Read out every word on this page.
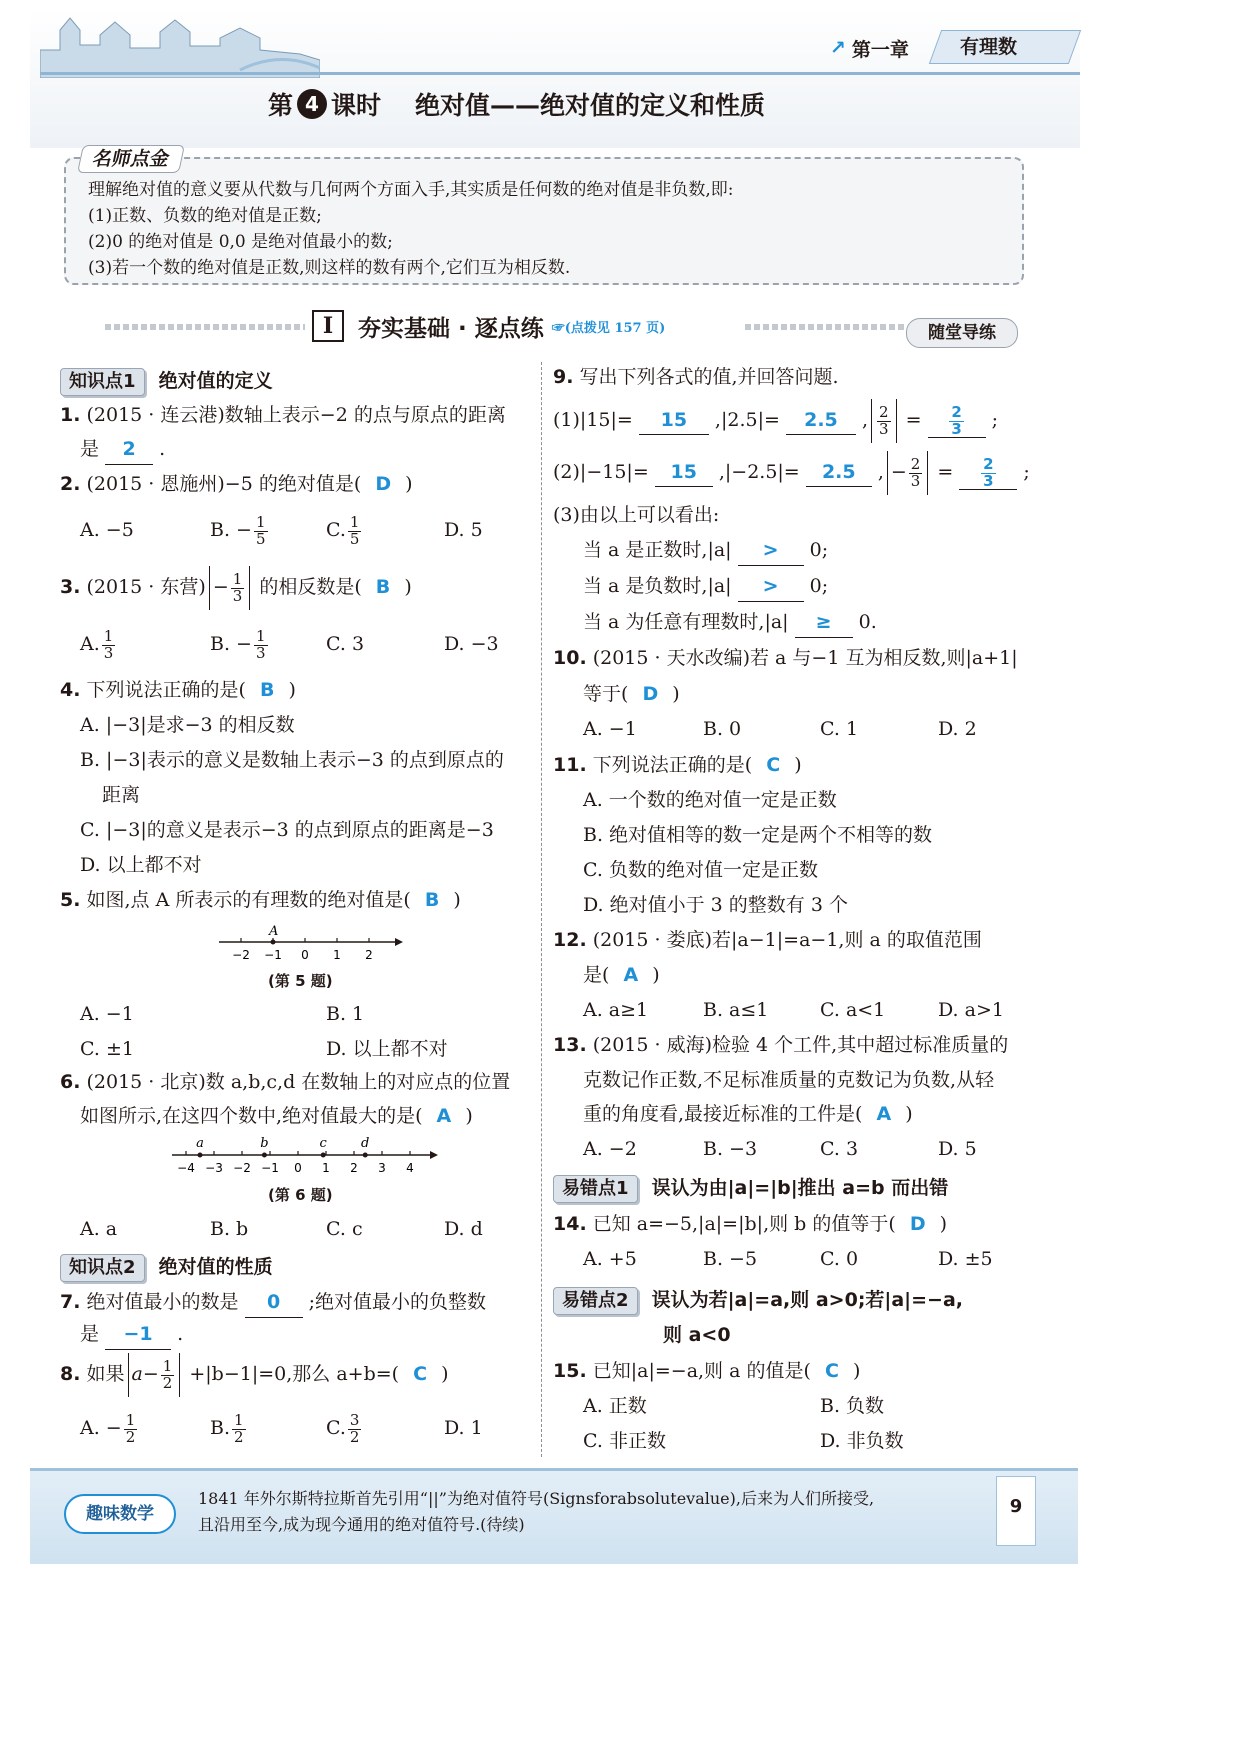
↗ 第一章	有理数
第 4 课时 绝对值——绝对值的定义和性质
名师点金
理解绝对值的意义要从代数与几何两个方面入手,其实质是任何数的绝对值是非负数,即:
(1)正数、负数的绝对值是正数;
(2)0 的绝对值是 0,0 是绝对值最小的数;
(3)若一个数的绝对值是正数,则这样的数有两个,它们互为相反数.
I	夯实基础 · 逐点练 ☞(点拨见 157 页)	随堂导练
知识点1 绝对值的定义
1. (2015 · 连云港)数轴上表示−2 的点与原点的距离
是 2 .
2. (2015 · 恩施州)−5 的绝对值是( D )
A. −5	B. − $\frac{1}{5}$	C. $\frac{1}{5}$	D. 5
3. (2015 · 东营) − $\frac{1}{3}$ 的相反数是( B )
A. $\frac{1}{3}$	B. − $\frac{1}{3}$	C. 3	D. −3
4. 下列说法正确的是( B )
A. |−3|是求−3 的相反数
B. |−3|表示的意义是数轴上表示−3 的点到原点的
距离
C. |−3|的意义是表示−3 的点到原点的距离是−3
D. 以上都不对
5. 如图,点 A 所表示的有理数的绝对值是( B )
−2 −1 0 1 2
A
(第 5 题)
A. −1	B. 1
C. ±1	D. 以上都不对
6. (2015 · 北京)数 a,b,c,d 在数轴上的对应点的位置
如图所示,在这四个数中,绝对值最大的是( A )
−4 −3 −2 −1 0 1 2 3 4
a	b	c	d
(第 6 题)
A. a	B. b	C. c	D. d
知识点2 绝对值的性质
7. 绝对值最小的数是 0 ;绝对值最小的负整数
是 −1 .
8. 如果 $a- \frac{1}{2} +|b-1|=0$,那么 a+b=( C )
A. − $\frac{1}{2}$	B. $\frac{1}{2}$	C. $\frac{3}{2}$	D. 1
9. 写出下列各式的值,并回答问题.
(1)|15|= 15 ,|2.5|= 2.5 , $\frac{2}{3} = \frac{2}{3}$ ;
(2)|−15|= 15 ,|−2.5|= 2.5 , − $\frac{2}{3} = \frac{2}{3}$ ;
(3)由以上可以看出:
当 a 是正数时,|a| > 0;
当 a 是负数时,|a| > 0;
当 a 为任意有理数时,|a| ≥ 0.
10. (2015 · 天水改编)若 a 与−1 互为相反数,则|a+1|
等于( D )
A. −1	B. 0	C. 1	D. 2
11. 下列说法正确的是( C )
A. 一个数的绝对值一定是正数
B. 绝对值相等的数一定是两个不相等的数
C. 负数的绝对值一定是正数
D. 绝对值小于 3 的整数有 3 个
12. (2015 · 娄底)若|a−1|=a−1,则 a 的取值范围
是( A )
A. a≥1	B. a≤1	C. a<1	D. a>1
13. (2015 · 威海)检验 4 个工件,其中超过标准质量的
克数记作正数,不足标准质量的克数记为负数,从轻
重的角度看,最接近标准的工件是( A )
A. −2	B. −3	C. 3	D. 5
易错点1 误认为由|a|=|b|推出 a=b 而出错
14. 已知 a=−5,|a|=|b|,则 b 的值等于( D )
A. +5	B. −5	C. 0	D. ±5
易错点2 误认为若|a|=a,则 a>0;若|a|=−a,
则 a<0
15. 已知|a|=−a,则 a 的值是( C )
A. 正数	B. 负数
C. 非正数	D. 非负数
趣味数学
1841 年外尔斯特拉斯首先引用“||”为绝对值符号(Signsforabsolutevalue),后来为人们所接受,
且沿用至今,成为现今通用的绝对值符号.(待续)
9
